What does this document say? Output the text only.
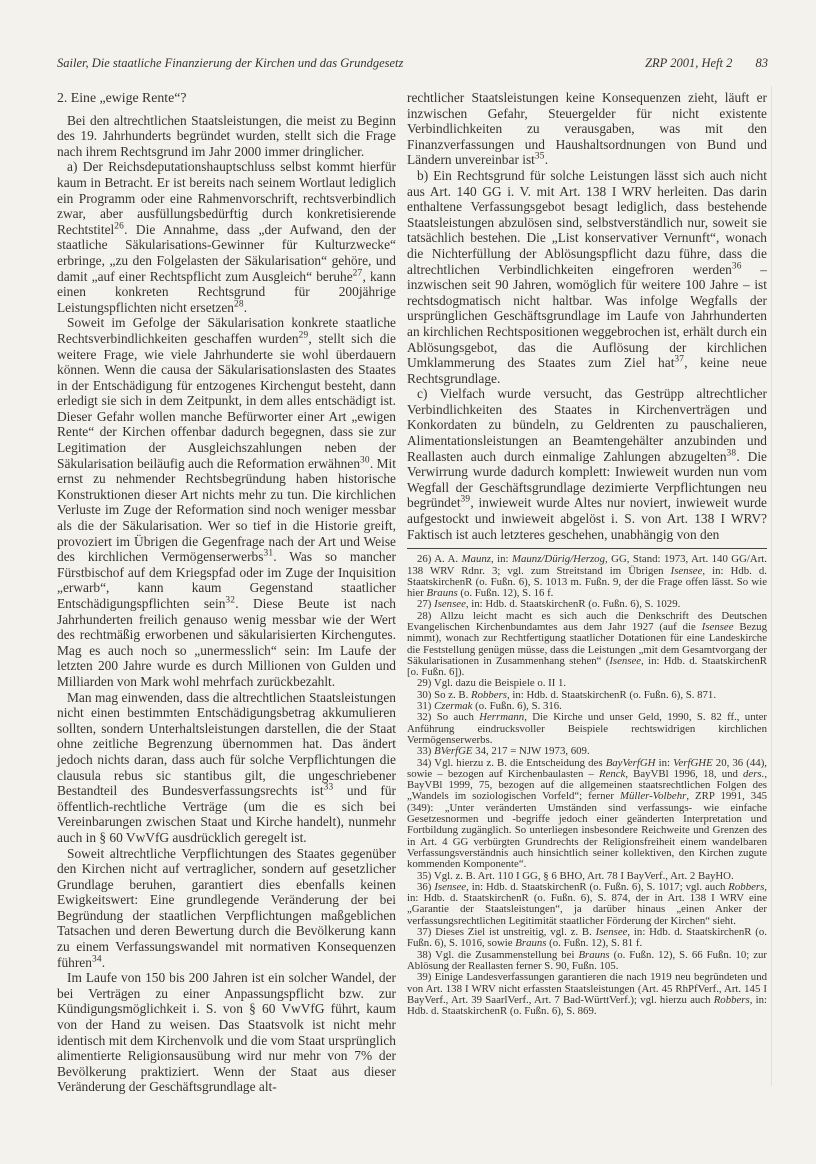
Sailer, Die staatliche Finanzierung der Kirchen und das Grundgesetz	ZRP 2001, Heft 2 83
2. Eine „ewige Rente“?

Bei den altrechtlichen Staatsleistungen, die meist zu Beginn des 19. Jahrhunderts begründet wurden, stellt sich die Frage nach ihrem Rechtsgrund im Jahr 2000 immer dringlicher.

a) Der Reichsdeputationshauptschluss selbst kommt hierfür kaum in Betracht. Er ist bereits nach seinem Wortlaut lediglich ein Programm oder eine Rahmenvorschrift, rechtsverbindlich zwar, aber ausfüllungsbedürftig durch konkretisierende Rechtstitel$^{26}$. Die Annahme, dass „der Aufwand, den der staatliche Säkularisations-Gewinner für Kulturzwecke“ erbringe, „zu den Folgelasten der Säkularisation“ gehöre, und damit „auf einer Rechtspflicht zum Ausgleich“ beruhe$^{27}$, kann einen konkreten Rechtsgrund für 200jährige Leistungspflichten nicht ersetzen$^{28}$.

Soweit im Gefolge der Säkularisation konkrete staatliche Rechtsverbindlichkeiten geschaffen wurden$^{29}$, stellt sich die weitere Frage, wie viele Jahrhunderte sie wohl überdauern können. Wenn die causa der Säkularisationslasten des Staates in der Entschädigung für entzogenes Kirchengut besteht, dann erledigt sie sich in dem Zeitpunkt, in dem alles entschädigt ist. Dieser Gefahr wollen manche Befürworter einer Art „ewigen Rente“ der Kirchen offenbar dadurch begegnen, dass sie zur Legitimation der Ausgleichszahlungen neben der Säkularisation beiläufig auch die Reformation erwähnen$^{30}$. Mit ernst zu nehmender Rechtsbegründung haben historische Konstruktionen dieser Art nichts mehr zu tun. Die kirchlichen Verluste im Zuge der Reformation sind noch weniger messbar als die der Säkularisation. Wer so tief in die Historie greift, provoziert im Übrigen die Gegenfrage nach der Art und Weise des kirchlichen Vermögenserwerbs$^{31}$. Was so mancher Fürstbischof auf dem Kriegspfad oder im Zuge der Inquisition „erwarb“, kann kaum Gegenstand staatlicher Entschädigungspflichten sein$^{32}$. Diese Beute ist nach Jahrhunderten freilich genauso wenig messbar wie der Wert des rechtmäßig erworbenen und säkularisierten Kirchengutes. Mag es auch noch so „unermesslich“ sein: Im Laufe der letzten 200 Jahre wurde es durch Millionen von Gulden und Milliarden von Mark wohl mehrfach zurückbezahlt.

Man mag einwenden, dass die altrechtlichen Staatsleistungen nicht einen bestimmten Entschädigungsbetrag akkumulieren sollten, sondern Unterhaltsleistungen darstellen, die der Staat ohne zeitliche Begrenzung übernommen hat. Das ändert jedoch nichts daran, dass auch für solche Verpflichtungen die clausula rebus sic stantibus gilt, die ungeschriebener Bestandteil des Bundesverfassungsrechts ist$^{33}$ und für öffentlich-rechtliche Verträge (um die es sich bei Vereinbarungen zwischen Staat und Kirche handelt), nunmehr auch in § 60 VwVfG ausdrücklich geregelt ist.

Soweit altrechtliche Verpflichtungen des Staates gegenüber den Kirchen nicht auf vertraglicher, sondern auf gesetzlicher Grundlage beruhen, garantiert dies ebenfalls keinen Ewigkeitswert: Eine grundlegende Veränderung der bei Begründung der staatlichen Verpflichtungen maßgeblichen Tatsachen und deren Bewertung durch die Bevölkerung kann zu einem Verfassungswandel mit normativen Konsequenzen führen$^{34}$.

Im Laufe von 150 bis 200 Jahren ist ein solcher Wandel, der bei Verträgen zu einer Anpassungspflicht bzw. zur Kündigungsmöglichkeit i. S. von § 60 VwVfG führt, kaum von der Hand zu weisen. Das Staatsvolk ist nicht mehr identisch mit dem Kirchenvolk und die vom Staat ursprünglich alimentierte Religionsausübung wird nur mehr von 7% der Bevölkerung praktiziert. Wenn der Staat aus dieser Veränderung der Geschäftsgrundlage alt-

rechtlicher Staatsleistungen keine Konsequenzen zieht, läuft er inzwischen Gefahr, Steuergelder für nicht existente Verbindlichkeiten zu verausgaben, was mit den Finanzverfassungen und Haushaltsordnungen von Bund und Ländern unvereinbar ist$^{35}$.

b) Ein Rechtsgrund für solche Leistungen lässt sich auch nicht aus Art. 140 GG i. V. mit Art. 138 I WRV herleiten. Das darin enthaltene Verfassungsgebot besagt lediglich, dass bestehende Staatsleistungen abzulösen sind, selbstverständlich nur, soweit sie tatsächlich bestehen. Die „List konservativer Vernunft“, wonach die Nichterfüllung der Ablösungspflicht dazu führe, dass die altrechtlichen Verbindlichkeiten eingefroren werden$^{36}$ – inzwischen seit 90 Jahren, womöglich für weitere 100 Jahre – ist rechtsdogmatisch nicht haltbar. Was infolge Wegfalls der ursprünglichen Geschäftsgrundlage im Laufe von Jahrhunderten an kirchlichen Rechtspositionen weggebrochen ist, erhält durch ein Ablösungsgebot, das die Auflösung der kirchlichen Umklammerung des Staates zum Ziel hat$^{37}$, keine neue Rechtsgrundlage.

c) Vielfach wurde versucht, das Gestrüpp altrechtlicher Verbindlichkeiten des Staates in Kirchenverträgen und Konkordaten zu bündeln, zu Geldrenten zu pauschalieren, Alimentationsleistungen an Beamtengehälter anzubinden und Reallasten auch durch einmalige Zahlungen abzugelten$^{38}$. Die Verwirrung wurde dadurch komplett: Inwieweit wurden nun vom Wegfall der Geschäftsgrundlage dezimierte Verpflichtungen neu begründet$^{39}$, inwieweit wurde Altes nur noviert, inwieweit wurde aufgestockt und inwieweit abgelöst i. S. von Art. 138 I WRV? Faktisch ist auch letzteres geschehen, unabhängig von den

26) A. A. Maunz, in: Maunz/Dürig/Herzog, GG, Stand: 1973, Art. 140 GG/Art. 138 WRV Rdnr. 3; vgl. zum Streitstand im Übrigen Isensee, in: Hdb. d. StaatskirchenR (o. Fußn. 6), S. 1013 m. Fußn. 9, der die Frage offen lässt. So wie hier Brauns (o. Fußn. 12), S. 16 f.

27) Isensee, in: Hdb. d. StaatskirchenR (o. Fußn. 6), S. 1029.

28) Allzu leicht macht es sich auch die Denkschrift des Deutschen Evangelischen Kirchenbundamtes aus dem Jahr 1927 (auf die Isensee Bezug nimmt), wonach zur Rechtfertigung staatlicher Dotationen für eine Landeskirche die Feststellung genügen müsse, dass die Leistungen „mit dem Gesamtvorgang der Säkularisationen in Zusammenhang stehen“ (Isensee, in: Hdb. d. StaatskirchenR [o. Fußn. 6]).

29) Vgl. dazu die Beispiele o. II 1.

30) So z. B. Robbers, in: Hdb. d. StaatskirchenR (o. Fußn. 6), S. 871.

31) Czermak (o. Fußn. 6), S. 316.

32) So auch Herrmann, Die Kirche und unser Geld, 1990, S. 82 ff., unter Anführung eindrucksvoller Beispiele rechtswidrigen kirchlichen Vermögenserwerbs.

33) BVerfGE 34, 217 = NJW 1973, 609.

34) Vgl. hierzu z. B. die Entscheidung des BayVerfGH in: VerfGHE 20, 36 (44), sowie – bezogen auf Kirchenbaulasten – Renck, BayVBl 1996, 18, und ders., BayVBl 1999, 75, bezogen auf die allgemeinen staatsrechtlichen Folgen des „Wandels im soziologischen Vorfeld“; ferner Müller-Volbehr, ZRP 1991, 345 (349): „Unter veränderten Umständen sind verfassungs- wie einfache Gesetzesnormen und -begriffe jedoch einer geänderten Interpretation und Fortbildung zugänglich. So unterliegen insbesondere Reichweite und Grenzen des in Art. 4 GG verbürgten Grundrechts der Religionsfreiheit einem wandelbaren Verfassungsverständnis auch hinsichtlich seiner kollektiven, den Kirchen zugute kommenden Komponente“.

35) Vgl. z. B. Art. 110 I GG, § 6 BHO, Art. 78 I BayVerf., Art. 2 BayHO.

36) Isensee, in: Hdb. d. StaatskirchenR (o. Fußn. 6), S. 1017; vgl. auch Robbers, in: Hdb. d. StaatskirchenR (o. Fußn. 6), S. 874, der in Art. 138 I WRV eine „Garantie der Staatsleistungen“, ja darüber hinaus „einen Anker der verfassungsrechtlichen Legitimität staatlicher Förderung der Kirchen“ sieht.

37) Dieses Ziel ist unstreitig, vgl. z. B. Isensee, in: Hdb. d. StaatskirchenR (o. Fußn. 6), S. 1016, sowie Brauns (o. Fußn. 12), S. 81 f.

38) Vgl. die Zusammenstellung bei Brauns (o. Fußn. 12), S. 66 Fußn. 10; zur Ablösung der Reallasten ferner S. 90, Fußn. 105.

39) Einige Landesverfassungen garantieren die nach 1919 neu begründeten und von Art. 138 I WRV nicht erfassten Staatsleistungen (Art. 45 RhPfVerf., Art. 145 I BayVerf., Art. 39 SaarlVerf., Art. 7 Bad-WürttVerf.); vgl. hierzu auch Robbers, in: Hdb. d. StaatskirchenR (o. Fußn. 6), S. 869.
